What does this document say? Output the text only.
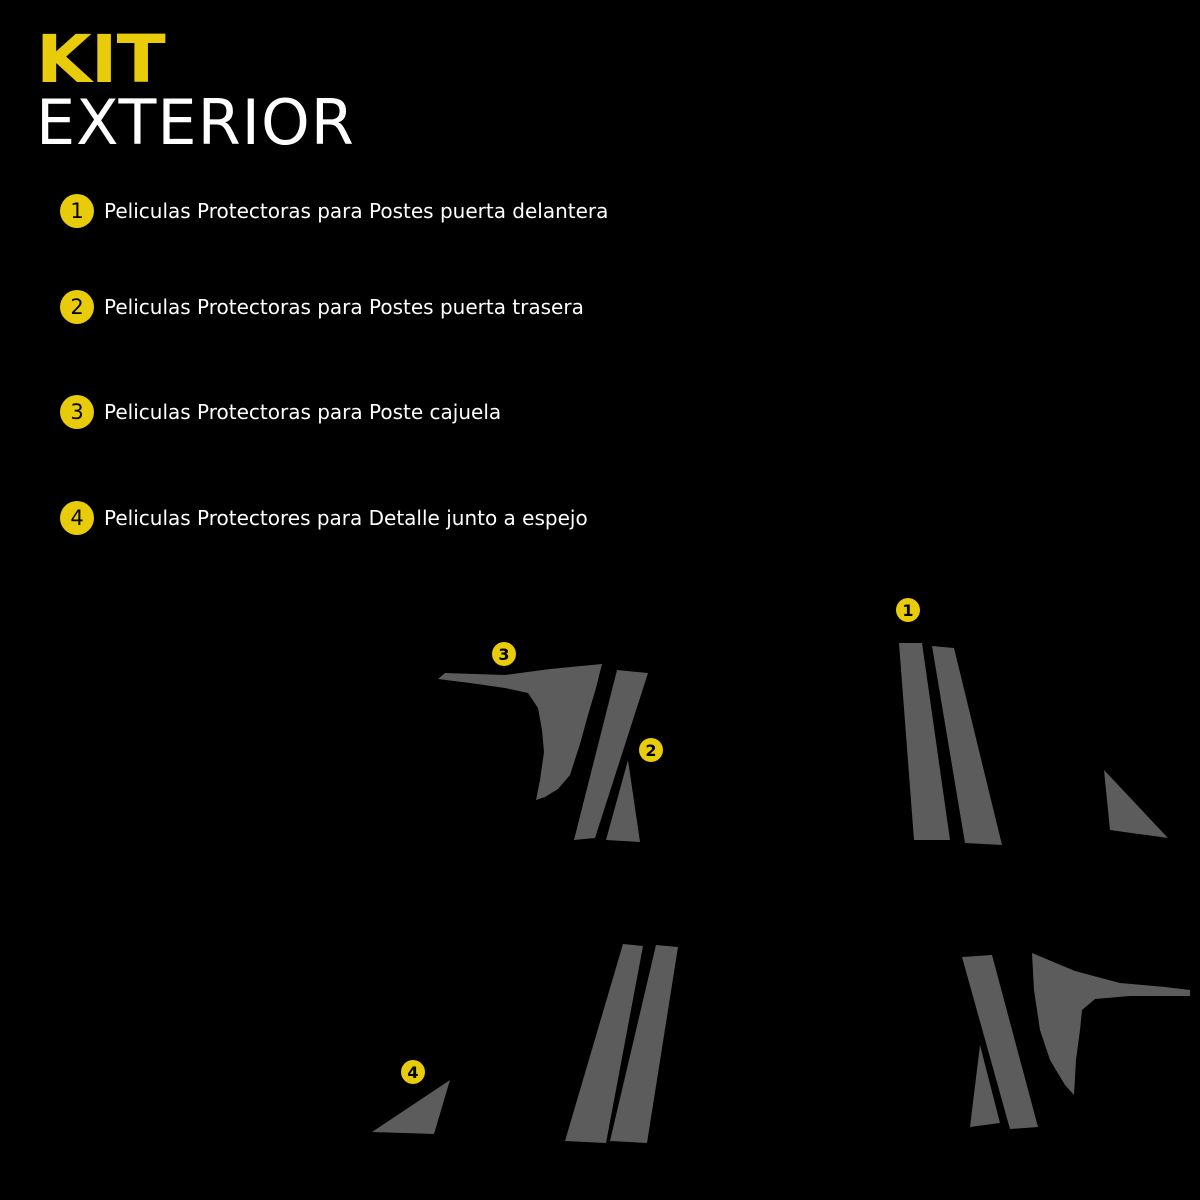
KIT
EXTERIOR
1	Peliculas Protectoras para Postes puerta delantera
2	Peliculas Protectoras para Postes puerta trasera
3	Peliculas Protectoras para Poste cajuela
4	Peliculas Protectores para Detalle junto a espejo
3
2
1
4
